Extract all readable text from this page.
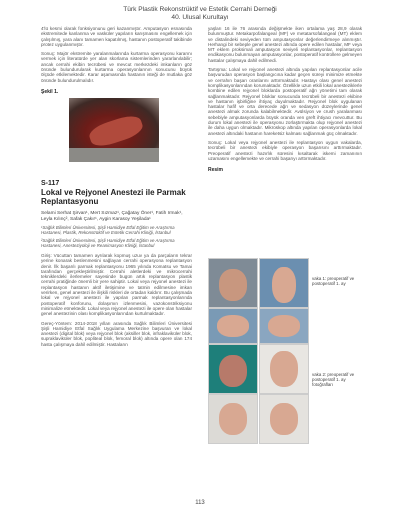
Türk Plastik Rekonstrüktif ve Estetik Cerrahi Derneği
40. Ulusal Kurultayı

4'lü kesmi olarak fonksiyonunu geri kazanmıştır. Amputasyon esnasında ekstremitede kanlanma ve vasküler yapıların karışmasını engellemek için çalışılmış, yara alanı tamamen kapatılmış, hastanın postoperatif takibinde protez uygulanmıştır.

Sonuç: Majör ekstremite yaralanmalarında kurtarma operasyonu kararını vermek için literatürde yer alan skorlama sistemlerinden yararlanılabilir; ancak cerrahi ekibin tecrübesi ve mevcut merkezdeki imkanların göz önünde bulundurularak kurtarma operasyonlarının sonucunu büyük ölçüde etkilemektedir. Karar aşamasında hastanın isteği de mutlaka göz önünde bulundurulmalıdır.

Şekil 1.

S-117

Lokal ve Rejyonel Anestezi ile Parmak Replantasyonu

Selami Serhat Şirvan¹, Mert Sızmaz¹, Çağatay Öner¹, Fatih Irmak¹, Leyla Kılınç², Safak Çakır¹, Aygin Karasoy Yeşilada¹

¹Sağlık Bilimleri Üniversitesi, Şişli Hamidiye Etfal Eğitim ve Araştırma Hastanesi, Plastik, Rekonstrüktif ve Estetik Cerrahi Kliniği, İstanbul

²Sağlık Bilimleri Üniversitesi, Şişli Hamidiye Etfal Eğitim ve Araştırma Hastanesi, Anesteziyoloji ve Reanimasyon Kliniği, İstanbul

Giriş: Vücuttan tamamen ayrılarak kopmuş uzuv ya da parçaların tekrar yerine konarak beslenmesini sağlayan cerrahi operasyona replantasyon denir. İlk başarılı parmak replantasyonu 1965 yılında Komatsu ve Tamai tarafından gerçekleştirilmiştir. Cerrahi aletlerdeki ve mikrocerrahi tekniklerdeki ilerlemeler sayesinde bugün artık replantasyon plastik cerrahi pratiğinde önemli bir yere sahiptir. Lokal veya rejyonel anestezi ile replantasyon hastanın aktif iletişimine ve tatmin edilmesine imkan verirken, genel anestezi ile ilişkili riskleri de ortadan kaldırır. Bu çalışmada lokal ve rejyonel anestezi ile yapılan parmak replantasyonlarında postoperatif konforunu, dolaşımın izlenmesini, vazokonstriksiyonu minimalize etmektedir. Lokal veya rejyonel anestezi ile opere olan hastalar genel anestezinin olası komplikasyonlarından kurtulmaktadır.

Gereç-Yöntem: 2014-2018 yılları arasında Sağlık Bilimleri Üniversitesi Şişli Hamidiye Etfal Sağlık Uygulama Merkezine başvuran ve lokal anestezi (digital blok) veya rejyonel blok (aksiller blok, infraklaviküler blok, supraklaviküler blok, popliteal blok, femoral blok) altında opere olan 174 hasta çalışmaya dahil edilmiştir. Hastaların

yaşları 16 ile 76 arasında değişmekte iken ortalama yaş 28,9 olarak bulunmuştur. Metakarpofalangeal (MF) ve metatarsofalangeal (MT) eklem ve distalindeki seviyeden tüm amputasyonlar değerlendirmeye alınmıştır. Herhangi bir sebeple genel anestezi altında opere edilen hastalar, MF veya MT eklem proksimali amputasyon seviyeli replantasyonlar, replantasyon endikasyonu bulunmayan amputasyonlar, postoperatif kontrollere gelmeyen hastalar çalışmaya dahil edilmedi.

Tartışma: Lokal ve rejyonel anestezi altında yapılan replantasyonlar acile başvurudan operasyon başlangıcına kadar geçen süreyi minimize etmekte ve cerrahın başarı oranlarını arttırmaktadır. Hastayı olası genel anestezi komplikasyonlarından korumaktadır. Özellikle uzun etkili lokal anesteziklerle kombine edilen rejyonel bloklarda postoperatif ağrı yönetimi tam olarak sağlanmaktadır. Rejyonel bloklar sonucunda tecrübeli bir anestezi ekibine ve hastanın işbirliğine ihtiyaç duyulmaktadır. Rejyonel blok uygulanan hastalar hafif ve orta derecede ağrı ve sedasyon düzeylerinde genel anestezi almak zorunda kalabilmektedir. Avülsiyon ve crush yaralanması sebebiyle amputasyonlarda büyük oranda ven greft ihtiyacı mevcuttur. Bu durum lokal anestezi ile operasyonu zorlaştırmakta olup rejyonel anestezi ile daha uygun olmaktadır. Mikroskop altında yapılan operasyonlarda lokal anestezi altındaki hastanın hareketsiz kalması sağlanmak güç olmaktadır.

Sonuç: Lokal veya rejyonel anestezi ile replantasyon uygun vakalarda, tecrübeli bir anestezi ekibiyle operasyon başarısını arttırmaktadır. Preoperatif anestezi hazırlık süresini kısaltarak iskemi zamanının uzamasını engellemekte ve cerrahi başarıyı arttırmaktadır.

Resim
vaka 1: preoperatif ve postoperatif 1. ay
vaka 2: preoperatif ve postoperatif 1. ay fotoğrafları
113
